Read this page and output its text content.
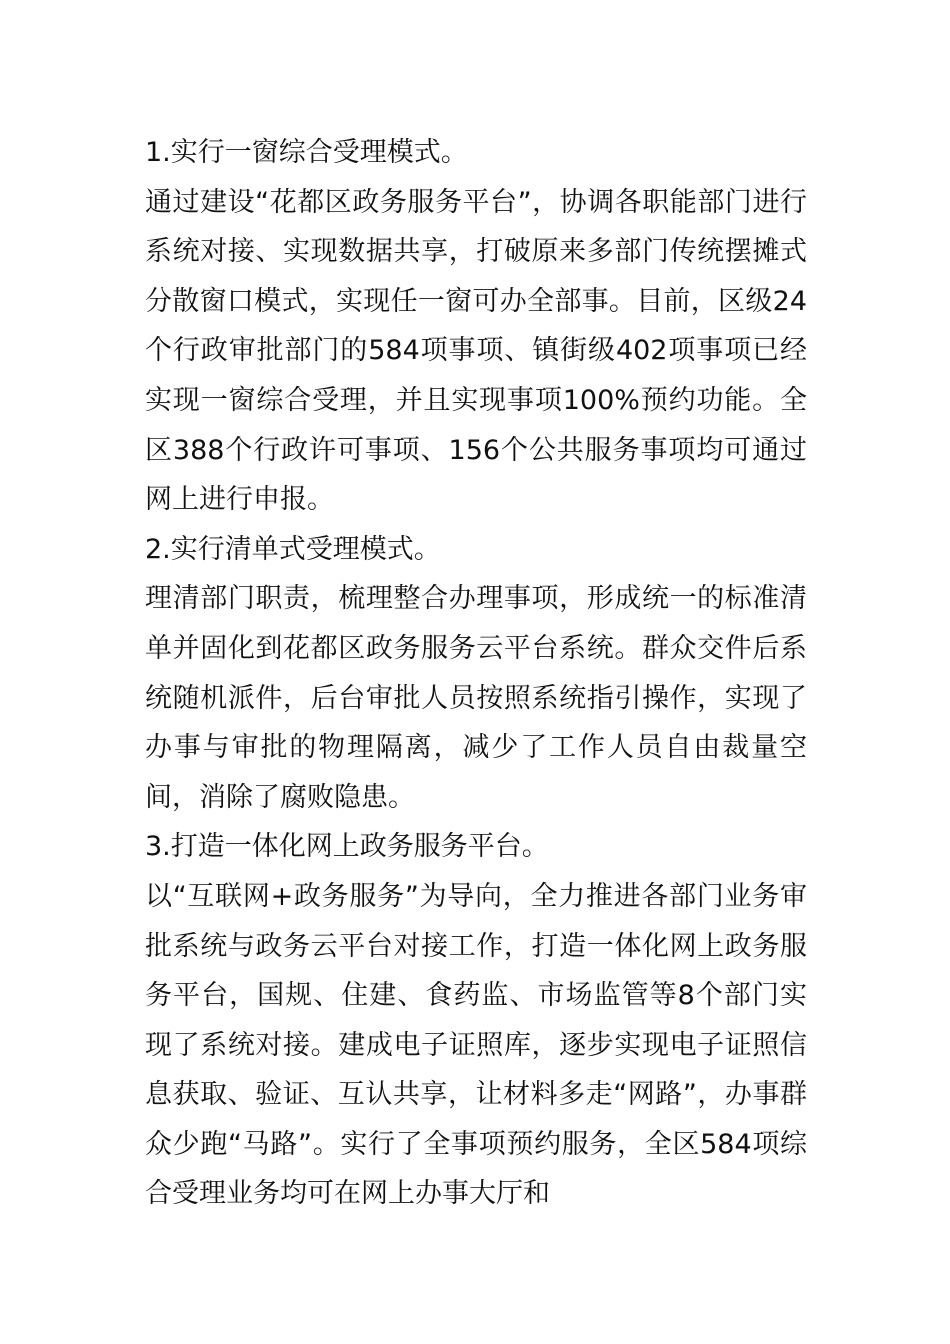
1.实行一窗综合受理模式。

通过建设“花都区政务服务平台”，协调各职能部门进行系统对接、实现数据共享，打破原来多部门传统摆摊式分散窗口模式，实现任一窗可办全部事。目前，区级24个行政审批部门的584项事项、镇街级402项事项已经实现一窗综合受理，并且实现事项100%预约功能。全区388个行政许可事项、156个公共服务事项均可通过网上进行申报。

2.实行清单式受理模式。

理清部门职责，梳理整合办理事项，形成统一的标准清单并固化到花都区政务服务云平台系统。群众交件后系统随机派件，后台审批人员按照系统指引操作，实现了办事与审批的物理隔离，减少了工作人员自由裁量空间，消除了腐败隐患。

3.打造一体化网上政务服务平台。

以“互联网+政务服务”为导向，全力推进各部门业务审批系统与政务云平台对接工作，打造一体化网上政务服务平台，国规、住建、食药监、市场监管等8个部门实现了系统对接。建成电子证照库，逐步实现电子证照信息获取、验证、互认共享，让材料多走“网路”，办事群众少跑“马路”。实行了全事项预约服务，全区584项综合受理业务均可在网上办事大厅和
